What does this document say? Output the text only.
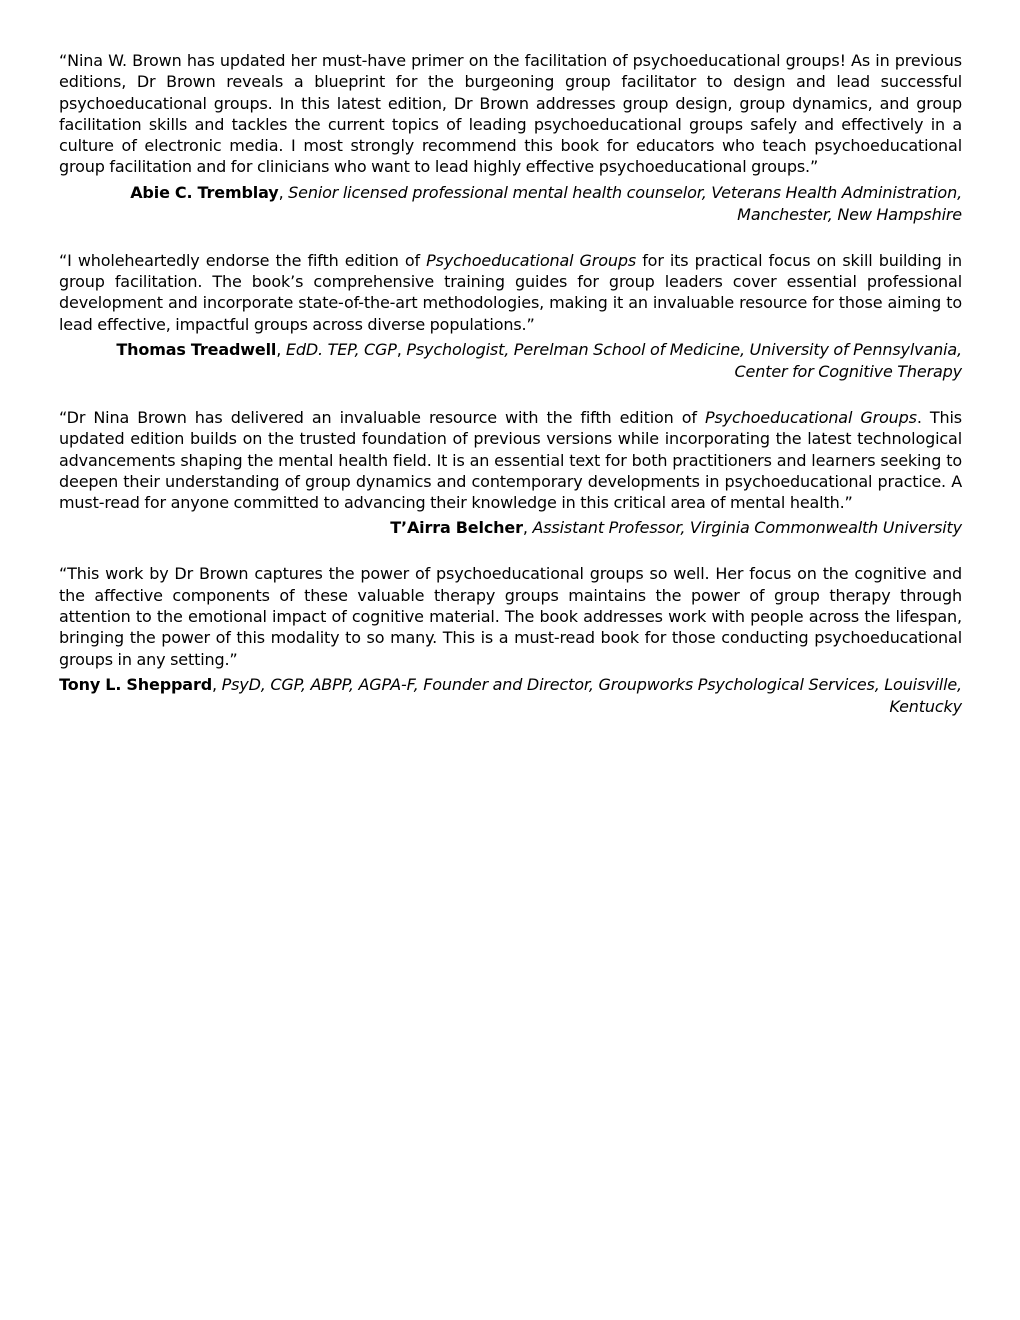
“Nina W. Brown has updated her must-have primer on the facilitation of psychoeducational groups! As in previous editions, Dr Brown reveals a blueprint for the burgeoning group facilitator to design and lead successful psychoeducational groups. In this latest edition, Dr Brown addresses group design, group dynamics, and group facilitation skills and tackles the current topics of leading psychoeducational groups safely and effectively in a culture of electronic media. I most strongly recommend this book for educators who teach psychoeducational group facilitation and for clinicians who want to lead highly effective psychoeducational groups.”

Abie C. Tremblay, Senior licensed professional mental health counselor, Veterans Health Administration, Manchester, New Hampshire

“I wholeheartedly endorse the fifth edition of Psychoeducational Groups for its practical focus on skill building in group facilitation. The book’s comprehensive training guides for group leaders cover essential professional development and incorporate state-of-the-art methodologies, making it an invaluable resource for those aiming to lead effective, impactful groups across diverse populations.”

Thomas Treadwell, EdD. TEP, CGP, Psychologist, Perelman School of Medicine, University of Pennsylvania, Center for Cognitive Therapy

“Dr Nina Brown has delivered an invaluable resource with the fifth edition of Psychoeducational Groups. This updated edition builds on the trusted foundation of previous versions while incorporating the latest technological advancements shaping the mental health field. It is an essential text for both practitioners and learners seeking to deepen their understanding of group dynamics and contemporary developments in psychoeducational practice. A must-read for anyone committed to advancing their knowledge in this critical area of mental health.”

T’Airra Belcher, Assistant Professor, Virginia Commonwealth University

“This work by Dr Brown captures the power of psychoeducational groups so well. Her focus on the cognitive and the affective components of these valuable therapy groups maintains the power of group therapy through attention to the emotional impact of cognitive material. The book addresses work with people across the lifespan, bringing the power of this modality to so many. This is a must-read book for those conducting psychoeducational groups in any setting.”

Tony L. Sheppard, PsyD, CGP, ABPP, AGPA-F, Founder and Director, Groupworks Psychological Services, Louisville, Kentucky
